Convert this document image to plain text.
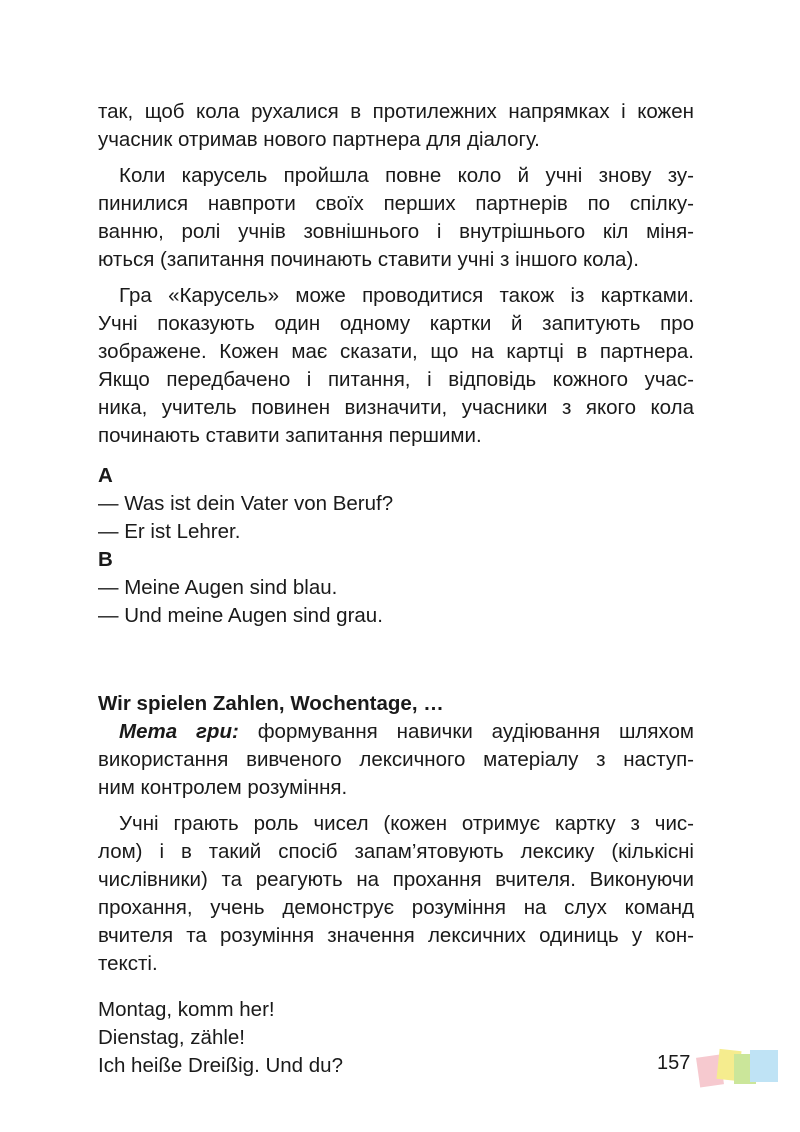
так, щоб кола рухалися в протилежних напрямках і кожен
учасник отримав нового партнера для діалогу.
Коли карусель пройшла повне коло й учні знову зу-
пинилися навпроти своїх перших партнерів по спілку-
ванню, ролі учнів зовнішнього і внутрішнього кіл міня-
ються (запитання починають ставити учні з іншого кола).
Гра «Карусель» може проводитися також із картками.
Учні показують один одному картки й запитують про
зображене. Кожен має сказати, що на картці в партнера.
Якщо передбачено і питання, і відповідь кожного учас-
ника, учитель повинен визначити, учасники з якого кола
починають ставити запитання першими.
A
— Was ist dein Vater von Beruf?
— Er ist Lehrer.
B
— Meine Augen sind blau.
— Und meine Augen sind grau.
Wir spielen Zahlen, Wochentage, …
Мета гри: формування навички аудіювання шляхом
використання вивченого лексичного матеріалу з наступ-
ним контролем розуміння.
Учні грають роль чисел (кожен отримує картку з чис-
лом) і в такий спосіб запам’ятовують лексику (кількісні
числівники) та реагують на прохання вчителя. Виконуючи
прохання, учень демонструє розуміння на слух команд
вчителя та розуміння значення лексичних одиниць у кон-
тексті.
Montag, komm her!
Dienstag, zähle!
Ich heiße Dreißig. Und du?	157
